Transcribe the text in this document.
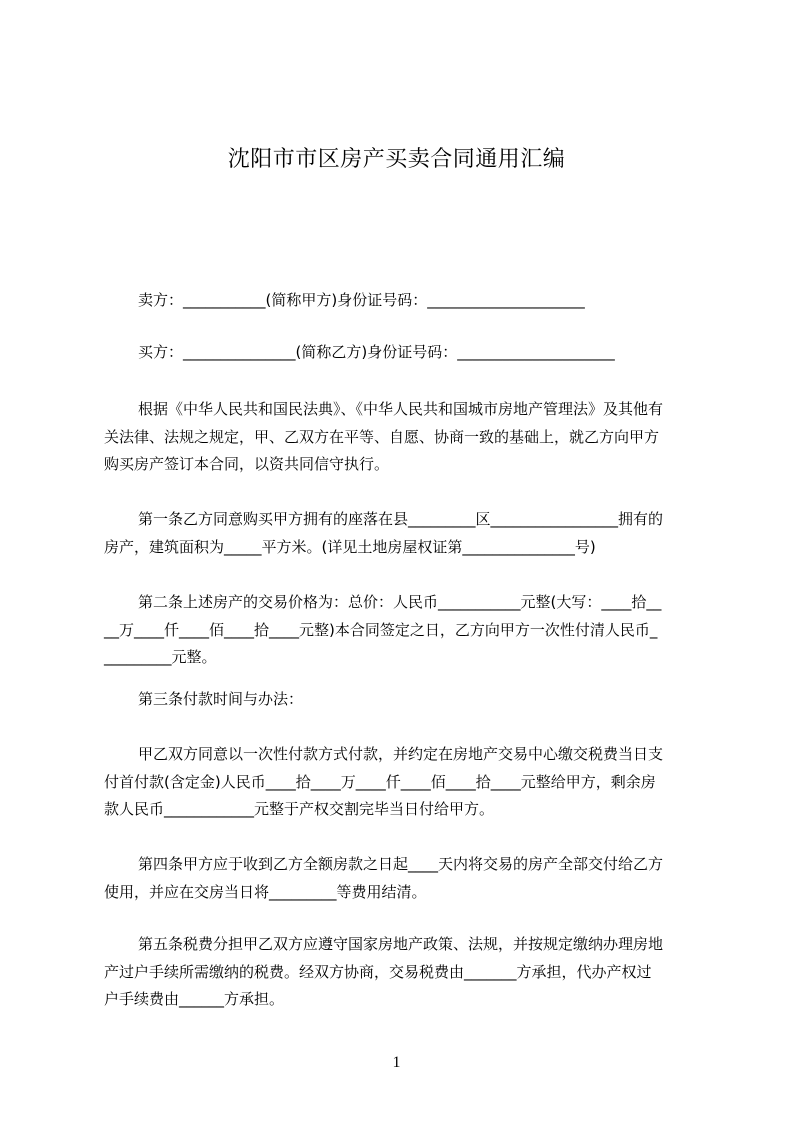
沈阳市市区房产买卖合同通用汇编
卖方：___________(简称甲方)身份证号码：_____________________
买方：_______________(简称乙方)身份证号码：_____________________
根据《中华人民共和国民法典》、《中华人民共和国城市房地产管理法》及其他有
关法律、法规之规定，甲、乙双方在平等、自愿、协商一致的基础上，就乙方向甲方
购买房产签订本合同，以资共同信守执行。
第一条乙方同意购买甲方拥有的座落在县_________区_________________拥有的
房产，建筑面积为_____平方米。(详见土地房屋权证第_______________号)
第二条上述房产的交易价格为：总价：人民币___________元整(大写：____拾__
__万____仟____佰____拾____元整)本合同签定之日，乙方向甲方一次性付清人民币_
_________元整。
第三条付款时间与办法：
甲乙双方同意以一次性付款方式付款，并约定在房地产交易中心缴交税费当日支
付首付款(含定金)人民币____拾____万____仟____佰____拾____元整给甲方，剩余房
款人民币____________元整于产权交割完毕当日付给甲方。
第四条甲方应于收到乙方全额房款之日起____天内将交易的房产全部交付给乙方
使用，并应在交房当日将_________等费用结清。
第五条税费分担甲乙双方应遵守国家房地产政策、法规，并按规定缴纳办理房地
产过户手续所需缴纳的税费。经双方协商，交易税费由_______方承担，代办产权过
户手续费由______方承担。
1
